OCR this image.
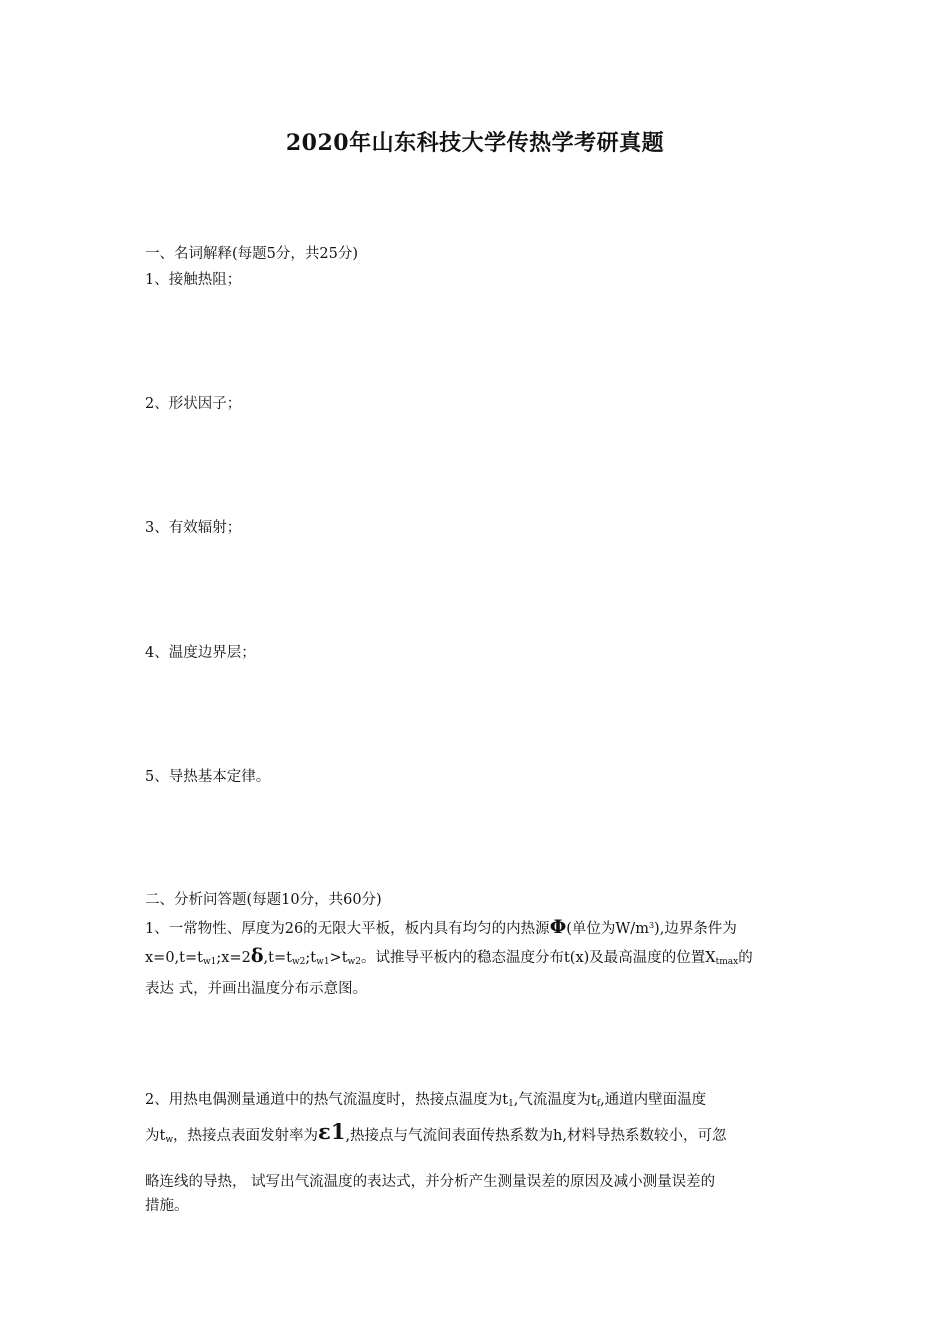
2020年山东科技大学传热学考研真题
一、名词解释(每题5分，共25分)
1、接触热阻；
2、形状因子；
3、有效辐射；
4、温度边界层；
5、导热基本定律。
二、分析问答题(每题10分，共60分)
1、一常物性、厚度为26的无限大平板，板内具有均匀的内热源Φ(单位为$W/m^3$),边界条件为
$x=0,t=t_{w1};x=2\delta,t=t_{w2};t_{w1}>t_{w2}$。试推导平板内的稳态温度分布t(x)及最高温度的位置$X_{tmax}$的
表达 式，并画出温度分布示意图。
2、用热电偶测量通道中的热气流温度时，热接点温度为$t_1$,气流温度为$t_f$,通道内壁面温度
为$t_w$，热接点表面发射率为ε1,热接点与气流间表面传热系数为h,材料导热系数较小，可忽
略连线的导热， 试写出气流温度的表达式，并分析产生测量误差的原因及减小测量误差的
措施。
